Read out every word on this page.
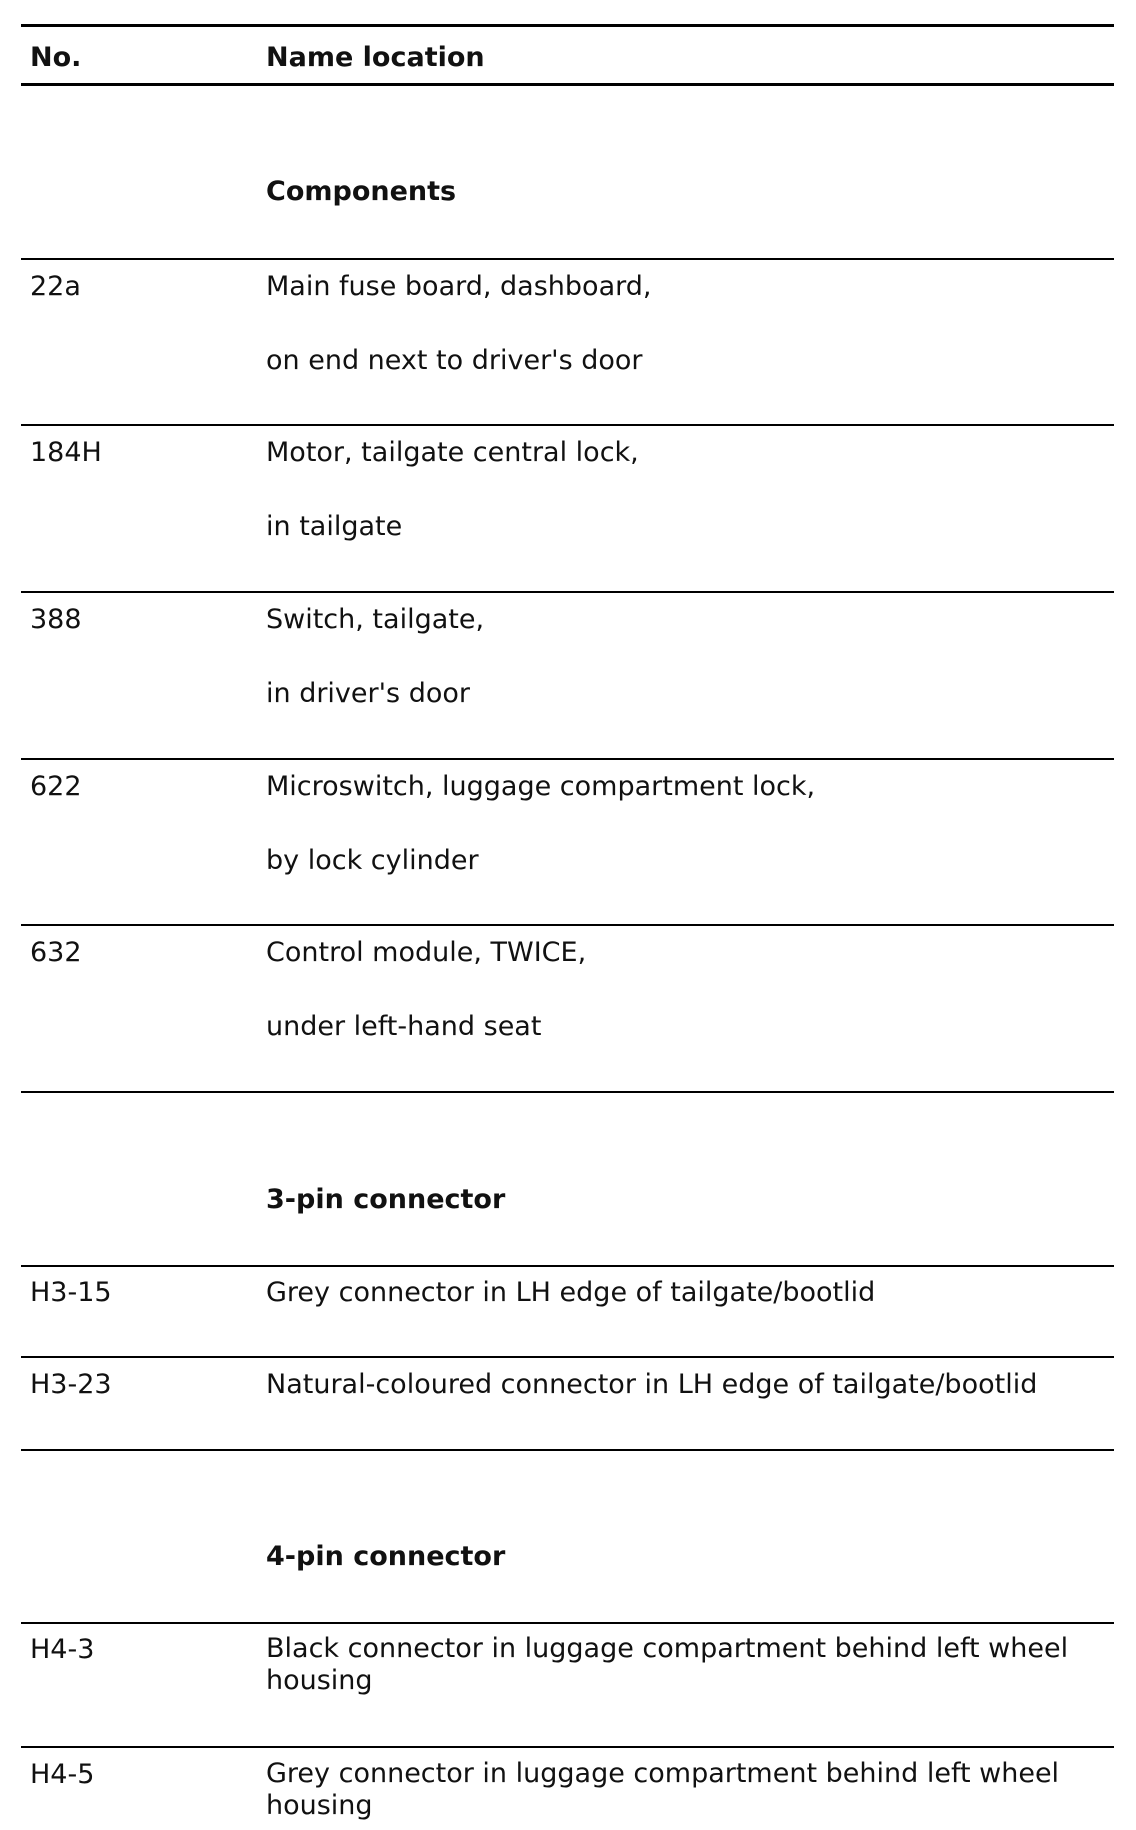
No.	Name location
Components
22a	Main fuse board, dashboard,
on end next to driver's door
184H	Motor, tailgate central lock,
in tailgate
388	Switch, tailgate,
in driver's door
622	Microswitch, luggage compartment lock,
by lock cylinder
632	Control module, TWICE,
under left-hand seat
3-pin connector
H3-15	Grey connector in LH edge of tailgate/bootlid
H3-23	Natural-coloured connector in LH edge of tailgate/bootlid
4-pin connector
H4-3	Black connector in luggage compartment behind left wheel housing
H4-5	Grey connector in luggage compartment behind left wheel housing
